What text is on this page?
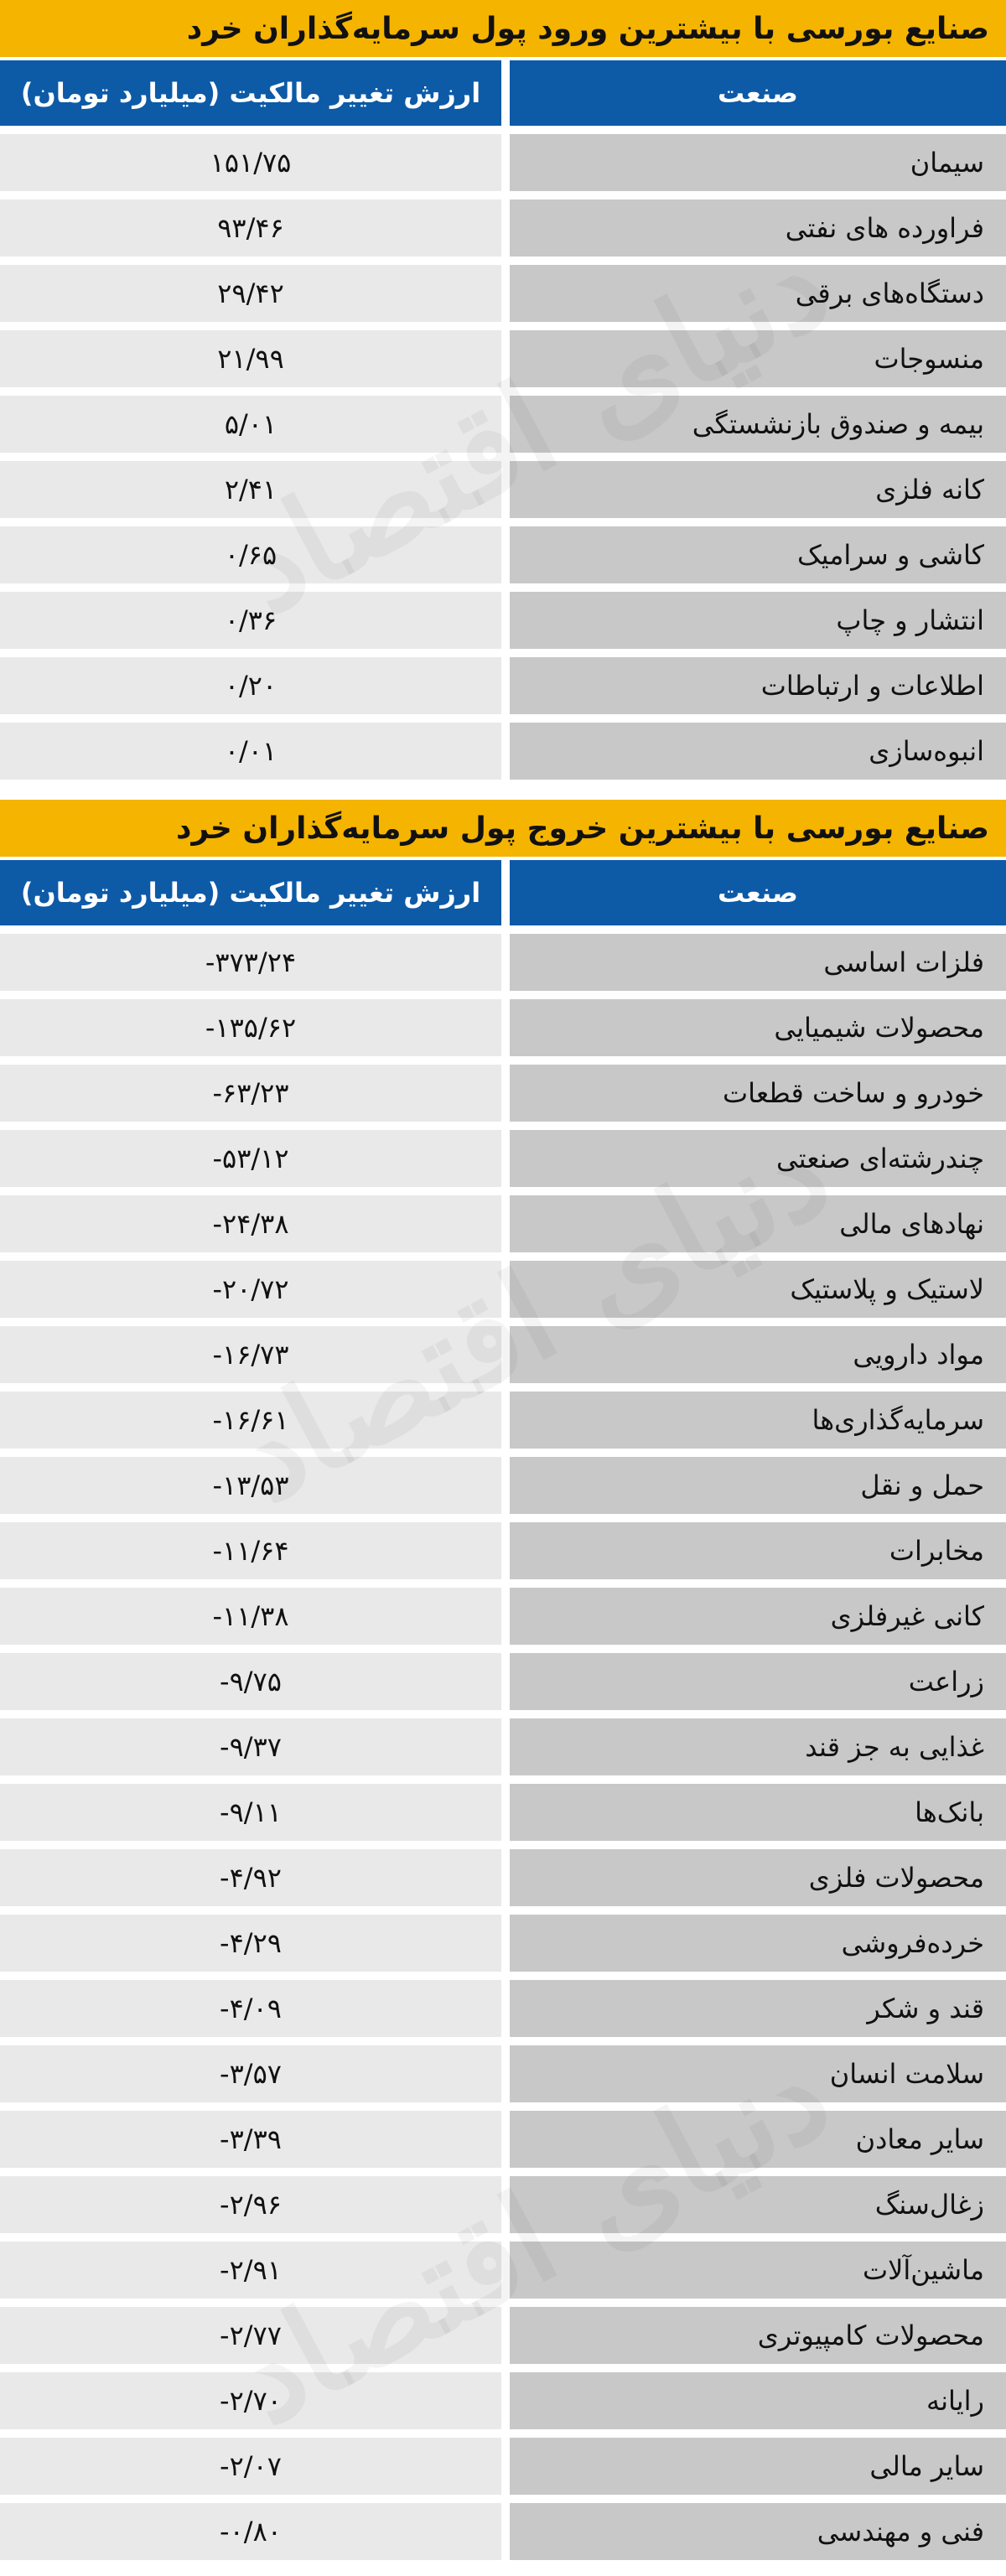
صنایع بورسی با بیشترین ورود پول سرمایه‌گذاران خرد
صنعت
ارزش تغییر مالکیت (میلیارد تومان)
سیمان
۱۵۱/۷۵
فراورده های نفتی
۹۳/۴۶
دستگاه‌های برقی
۲۹/۴۲
منسوجات
۲۱/۹۹
بیمه و صندوق بازنشستگی
۵/۰۱
کانه فلزی
۲/۴۱
کاشی و سرامیک
۰/۶۵
انتشار و چاپ
۰/۳۶
اطلاعات و ارتباطات
۰/۲۰
انبوه‌سازی
۰/۰۱
صنایع بورسی با بیشترین خروج پول سرمایه‌گذاران خرد
صنعت
ارزش تغییر مالکیت (میلیارد تومان)
فلزات اساسی
-۳۷۳/۲۴
محصولات شیمیایی
-۱۳۵/۶۲
خودرو و ساخت قطعات
-۶۳/۲۳
چندرشته‌ای صنعتی
-۵۳/۱۲
نهادهای مالی
-۲۴/۳۸
لاستیک و پلاستیک
-۲۰/۷۲
مواد دارویی
-۱۶/۷۳
سرمایه‌گذاری‌ها
-۱۶/۶۱
حمل و نقل
-۱۳/۵۳
مخابرات
-۱۱/۶۴
کانی غیرفلزی
-۱۱/۳۸
زراعت
-۹/۷۵
غذایی به جز قند
-۹/۳۷
بانک‌ها
-۹/۱۱
محصولات فلزی
-۴/۹۲
خرده‌فروشی
-۴/۲۹
قند و شکر
-۴/۰۹
سلامت انسان
-۳/۵۷
سایر معادن
-۳/۳۹
زغال‌سنگ
-۲/۹۶
ماشین‌آلات
-۲/۹۱
محصولات کامپیوتری
-۲/۷۷
رایانه
-۲/۷۰
سایر مالی
-۲/۰۷
فنی و مهندسی
-۰/۸۰
